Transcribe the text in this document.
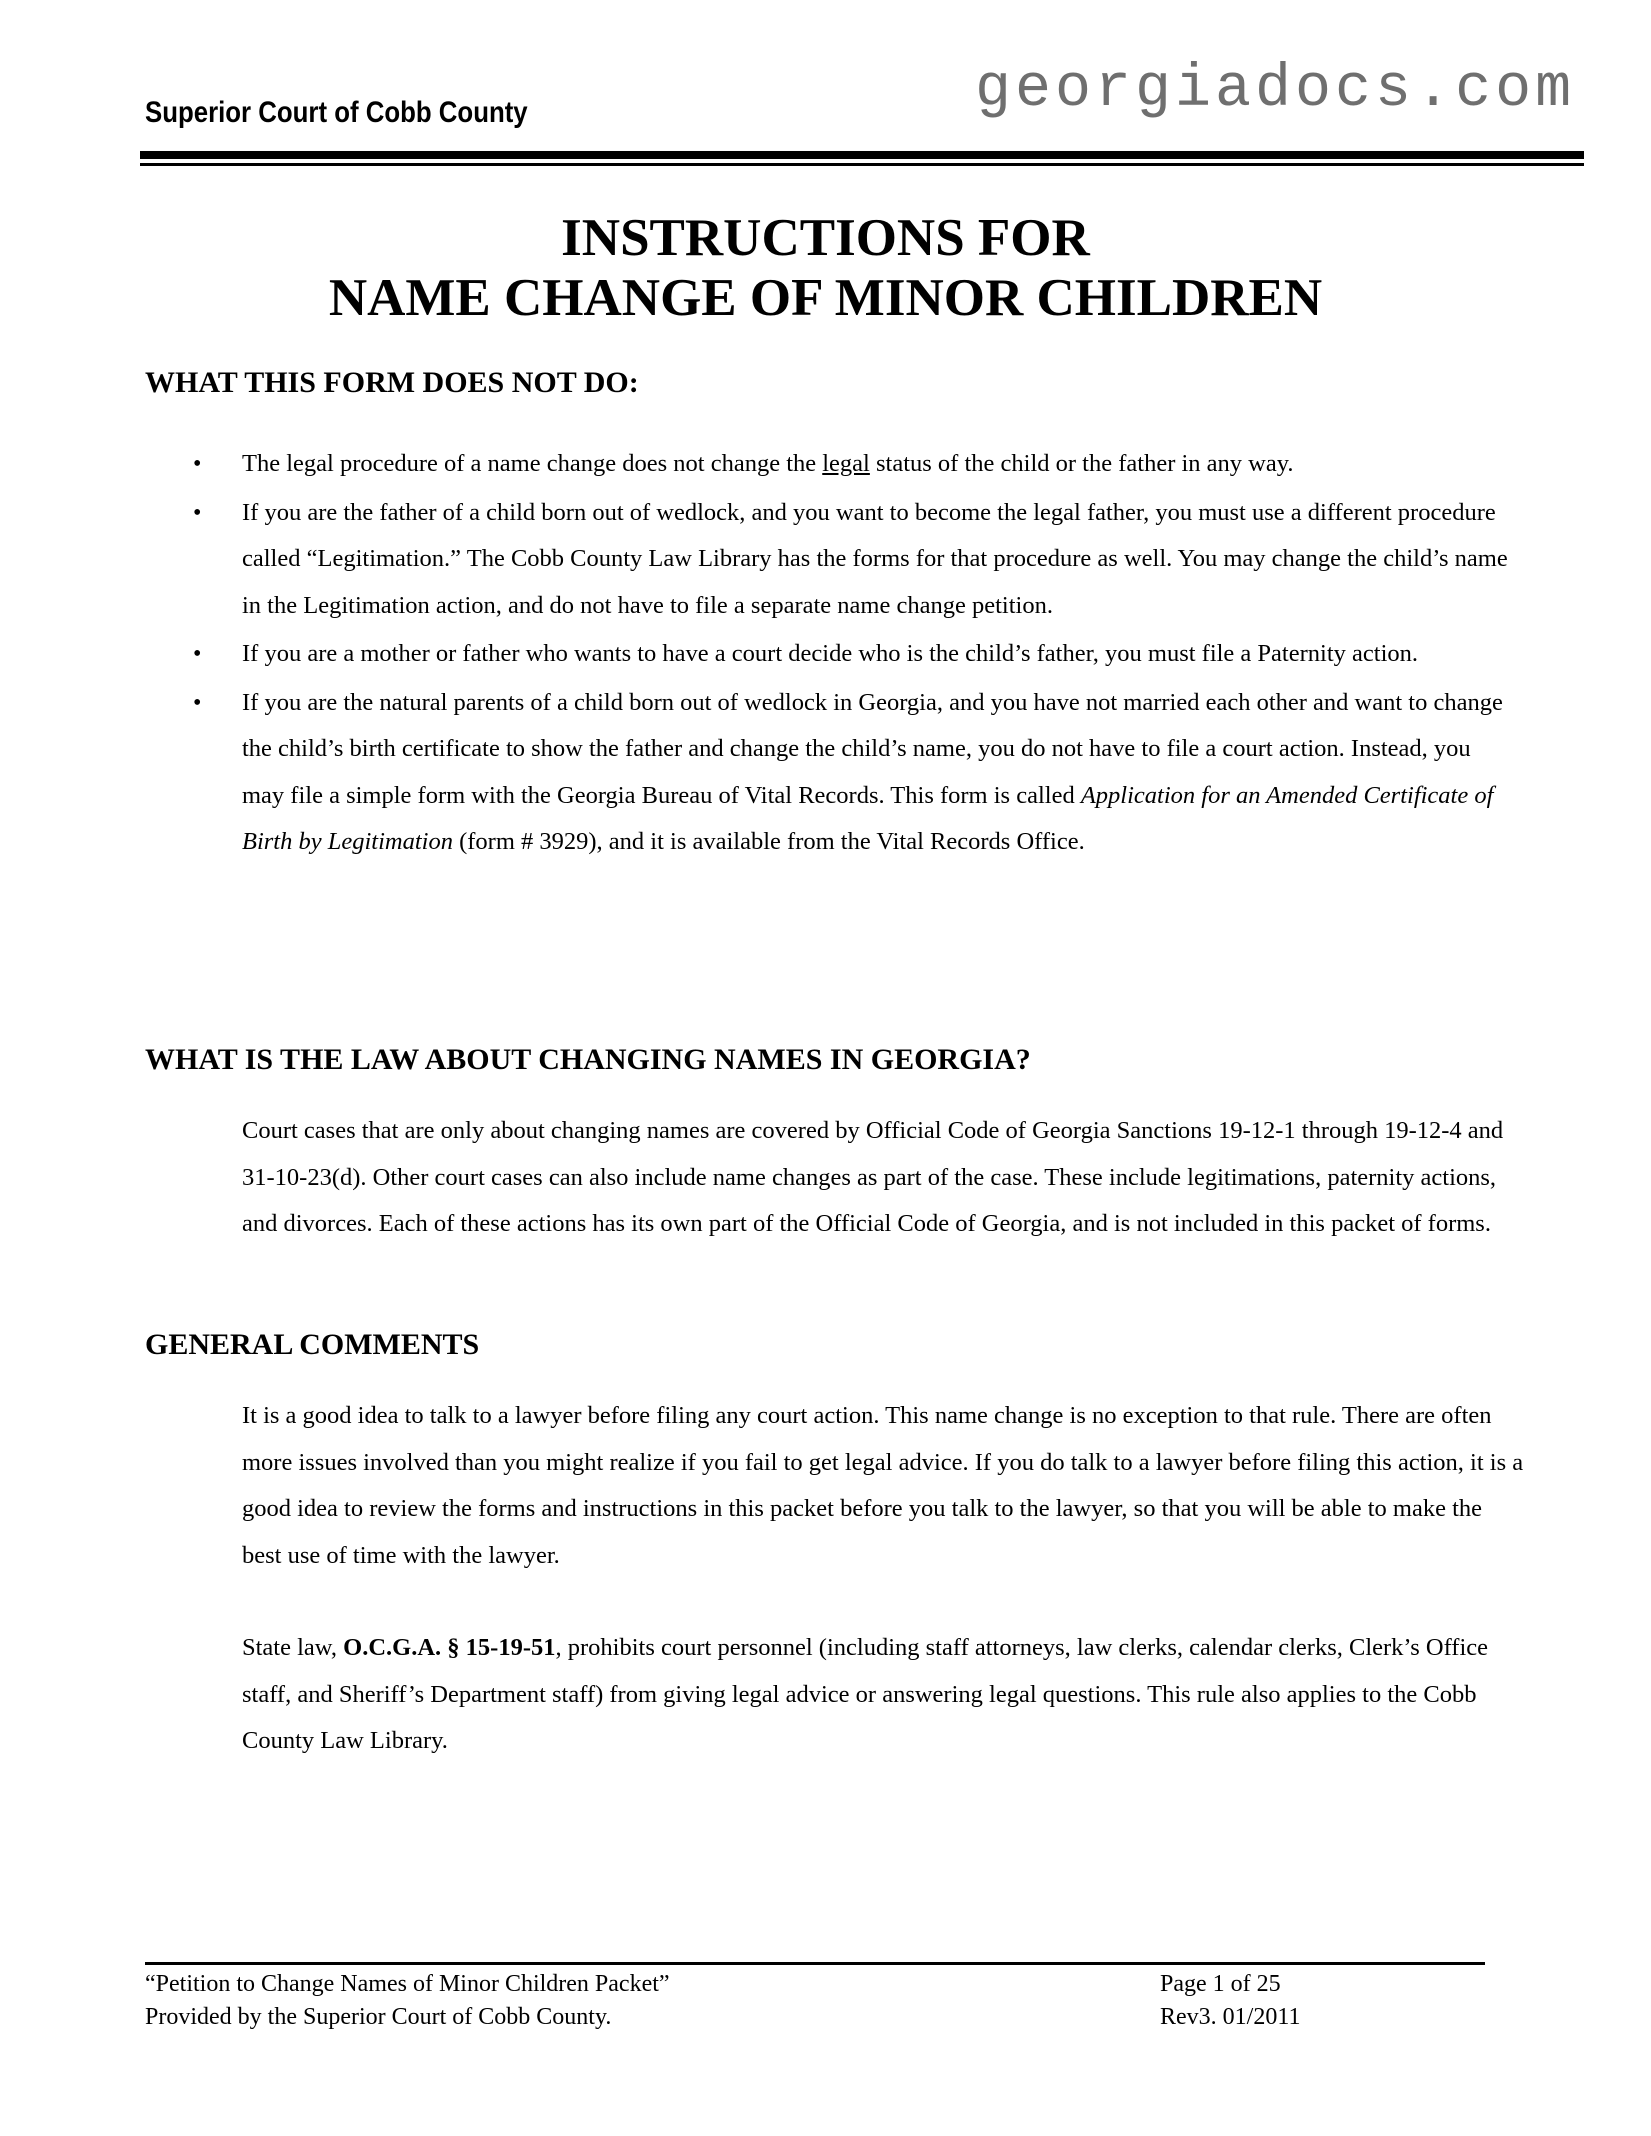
georgiadocs.com
Superior Court of Cobb County
INSTRUCTIONS FOR
NAME CHANGE OF MINOR CHILDREN
WHAT THIS FORM DOES NOT DO:
• The legal procedure of a name change does not change the legal status of the child or the father in any way.
• If you are the father of a child born out of wedlock, and you want to become the legal father, you must use a different procedure called “Legitimation.” The Cobb County Law Library has the forms for that procedure as well. You may change the child’s name in the Legitimation action, and do not have to file a separate name change petition.
• If you are a mother or father who wants to have a court decide who is the child’s father, you must file a Paternity action.
• If you are the natural parents of a child born out of wedlock in Georgia, and you have not married each other and want to change the child’s birth certificate to show the father and change the child’s name, you do not have to file a court action. Instead, you may file a simple form with the Georgia Bureau of Vital Records. This form is called Application for an Amended Certificate of Birth by Legitimation (form # 3929), and it is available from the Vital Records Office.
WHAT IS THE LAW ABOUT CHANGING NAMES IN GEORGIA?

Court cases that are only about changing names are covered by Official Code of Georgia Sanctions 19-12-1 through 19-12-4 and 31-10-23(d). Other court cases can also include name changes as part of the case. These include legitimations, paternity actions, and divorces. Each of these actions has its own part of the Official Code of Georgia, and is not included in this packet of forms.

GENERAL COMMENTS

It is a good idea to talk to a lawyer before filing any court action. This name change is no exception to that rule. There are often more issues involved than you might realize if you fail to get legal advice. If you do talk to a lawyer before filing this action, it is a good idea to review the forms and instructions in this packet before you talk to the lawyer, so that you will be able to make the best use of time with the lawyer.

State law, O.C.G.A. § 15-19-51, prohibits court personnel (including staff attorneys, law clerks, calendar clerks, Clerk’s Office staff, and Sheriff’s Department staff) from giving legal advice or answering legal questions. This rule also applies to the Cobb County Law Library.

“Petition to Change Names of Minor Children Packet”
Provided by the Superior Court of Cobb County.
Page 1 of 25
Rev3. 01/2011
